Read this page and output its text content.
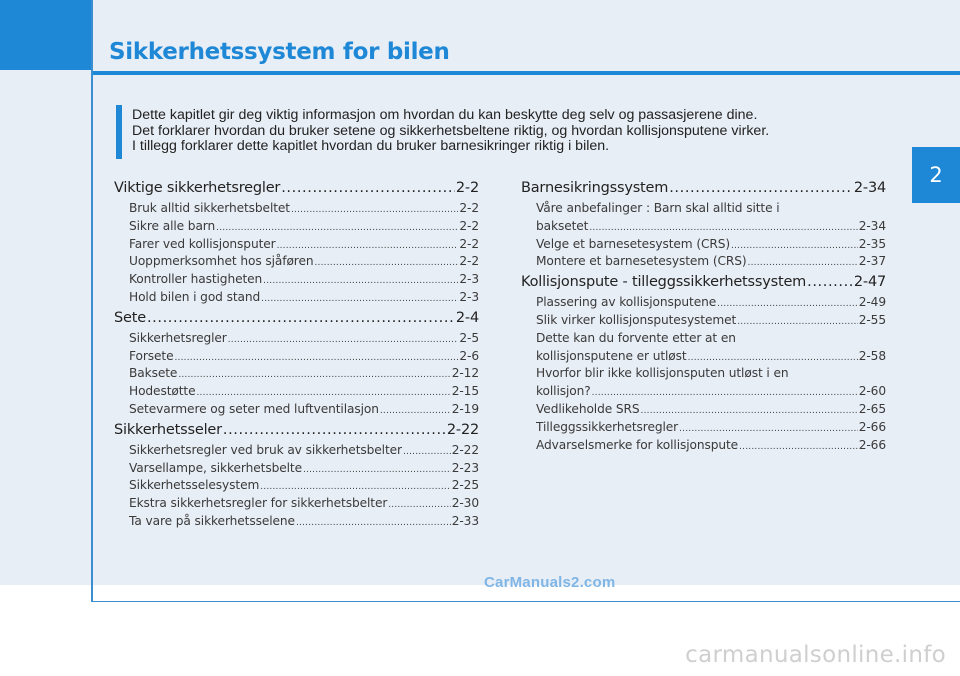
Sikkerhetssystem for bilen
2
Dette kapitlet gir deg viktig informasjon om hvordan du kan beskytte deg selv og passasjerene dine.
Det forklarer hvordan du bruker setene og sikkerhetsbeltene riktig, og hvordan kollisjonsputene virker.
I tillegg forklarer dette kapitlet hvordan du bruker barnesikringer riktig i bilen.
Viktige sikkerhetsregler .....	2-2
Bruk alltid sikkerhetsbeltet .....	2-2
Sikre alle barn .....	2-2
Farer ved kollisjonsputer .....	2-2
Uoppmerksomhet hos sjåføren .....	2-2
Kontroller hastigheten .....	2-3
Hold bilen i god stand .....	2-3
Sete .....	2-4
Sikkerhetsregler .....	2-5
Forsete .....	2-6
Baksete .....	2-12
Hodestøtte .....	2-15
Setevarmere og seter med luftventilasjon .....	2-19
Sikkerhetsseler .....	2-22
Sikkerhetsregler ved bruk av sikkerhetsbelter .....	2-22
Varsellampe, sikkerhetsbelte .....	2-23
Sikkerhetsselesystem .....	2-25
Ekstra sikkerhetsregler for sikkerhetsbelter .....	2-30
Ta vare på sikkerhetsselene .....	2-33
Barnesikringssystem .....	2-34
Våre anbefalinger : Barn skal alltid sitte i
baksetet .....	2-34
Velge et barnesetesystem (CRS) .....	2-35
Montere et barnesetesystem (CRS) .....	2-37
Kollisjonspute - tilleggssikkerhetssystem .....	2-47
Plassering av kollisjonsputene .....	2-49
Slik virker kollisjonsputesystemet .....	2-55
Dette kan du forvente etter at en
kollisjonsputene er utløst .....	2-58
Hvorfor blir ikke kollisjonsputen utløst i en
kollisjon? .....	2-60
Vedlikeholde SRS .....	2-65
Tilleggssikkerhetsregler .....	2-66
Advarselsmerke for kollisjonspute .....	2-66
CarManuals2.com
carmanualsonline.info
